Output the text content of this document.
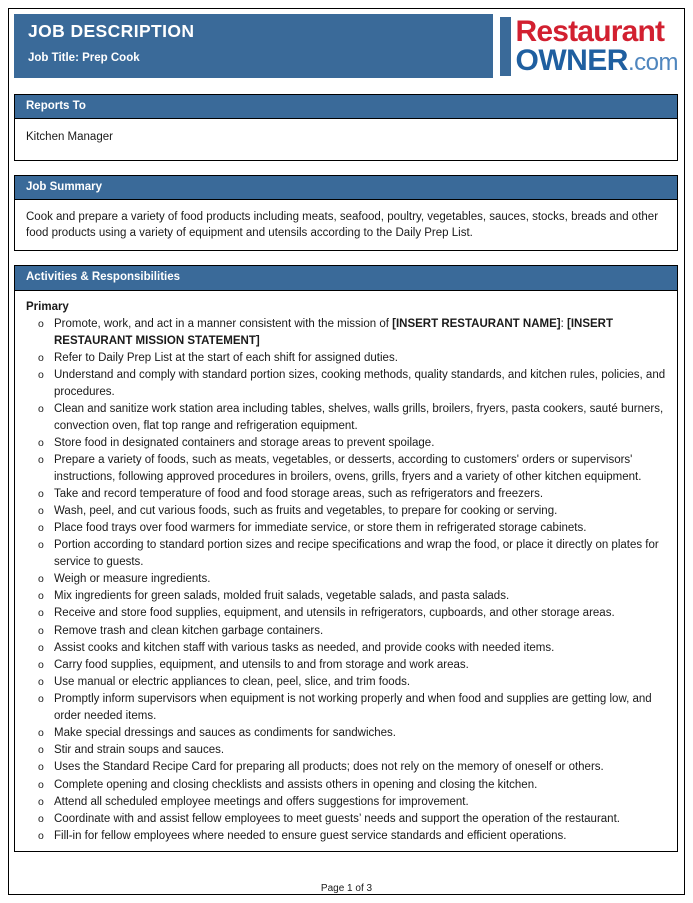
JOB DESCRIPTION
Job Title: Prep Cook
Restaurant
OWNER.com
Reports To
Kitchen Manager
Job Summary
Cook and prepare a variety of food products including meats, seafood, poultry, vegetables, sauces, stocks, breads and other food products using a variety of equipment and utensils according to the Daily Prep List.
Activities & Responsibilities
Primary
o Promote, work, and act in a manner consistent with the mission of [INSERT RESTAURANT NAME]: [INSERT RESTAURANT MISSION STATEMENT]
o Refer to Daily Prep List at the start of each shift for assigned duties.
o Understand and comply with standard portion sizes, cooking methods, quality standards, and kitchen rules, policies, and procedures.
o Clean and sanitize work station area including tables, shelves, walls grills, broilers, fryers, pasta cookers, sauté burners, convection oven, flat top range and refrigeration equipment.
o Store food in designated containers and storage areas to prevent spoilage.
o Prepare a variety of foods, such as meats, vegetables, or desserts, according to customers' orders or supervisors' instructions, following approved procedures in broilers, ovens, grills, fryers and a variety of other kitchen equipment.
o Take and record temperature of food and food storage areas, such as refrigerators and freezers.
o Wash, peel, and cut various foods, such as fruits and vegetables, to prepare for cooking or serving.
o Place food trays over food warmers for immediate service, or store them in refrigerated storage cabinets.
o Portion according to standard portion sizes and recipe specifications and wrap the food, or place it directly on plates for service to guests.
o Weigh or measure ingredients.
o Mix ingredients for green salads, molded fruit salads, vegetable salads, and pasta salads.
o Receive and store food supplies, equipment, and utensils in refrigerators, cupboards, and other storage areas.
o Remove trash and clean kitchen garbage containers.
o Assist cooks and kitchen staff with various tasks as needed, and provide cooks with needed items.
o Carry food supplies, equipment, and utensils to and from storage and work areas.
o Use manual or electric appliances to clean, peel, slice, and trim foods.
o Promptly inform supervisors when equipment is not working properly and when food and supplies are getting low, and order needed items.
o Make special dressings and sauces as condiments for sandwiches.
o Stir and strain soups and sauces.
o Uses the Standard Recipe Card for preparing all products; does not rely on the memory of oneself or others.
o Complete opening and closing checklists and assists others in opening and closing the kitchen.
o Attend all scheduled employee meetings and offers suggestions for improvement.
o Coordinate with and assist fellow employees to meet guests’ needs and support the operation of the restaurant.
o Fill-in for fellow employees where needed to ensure guest service standards and efficient operations.
Page 1 of 3
